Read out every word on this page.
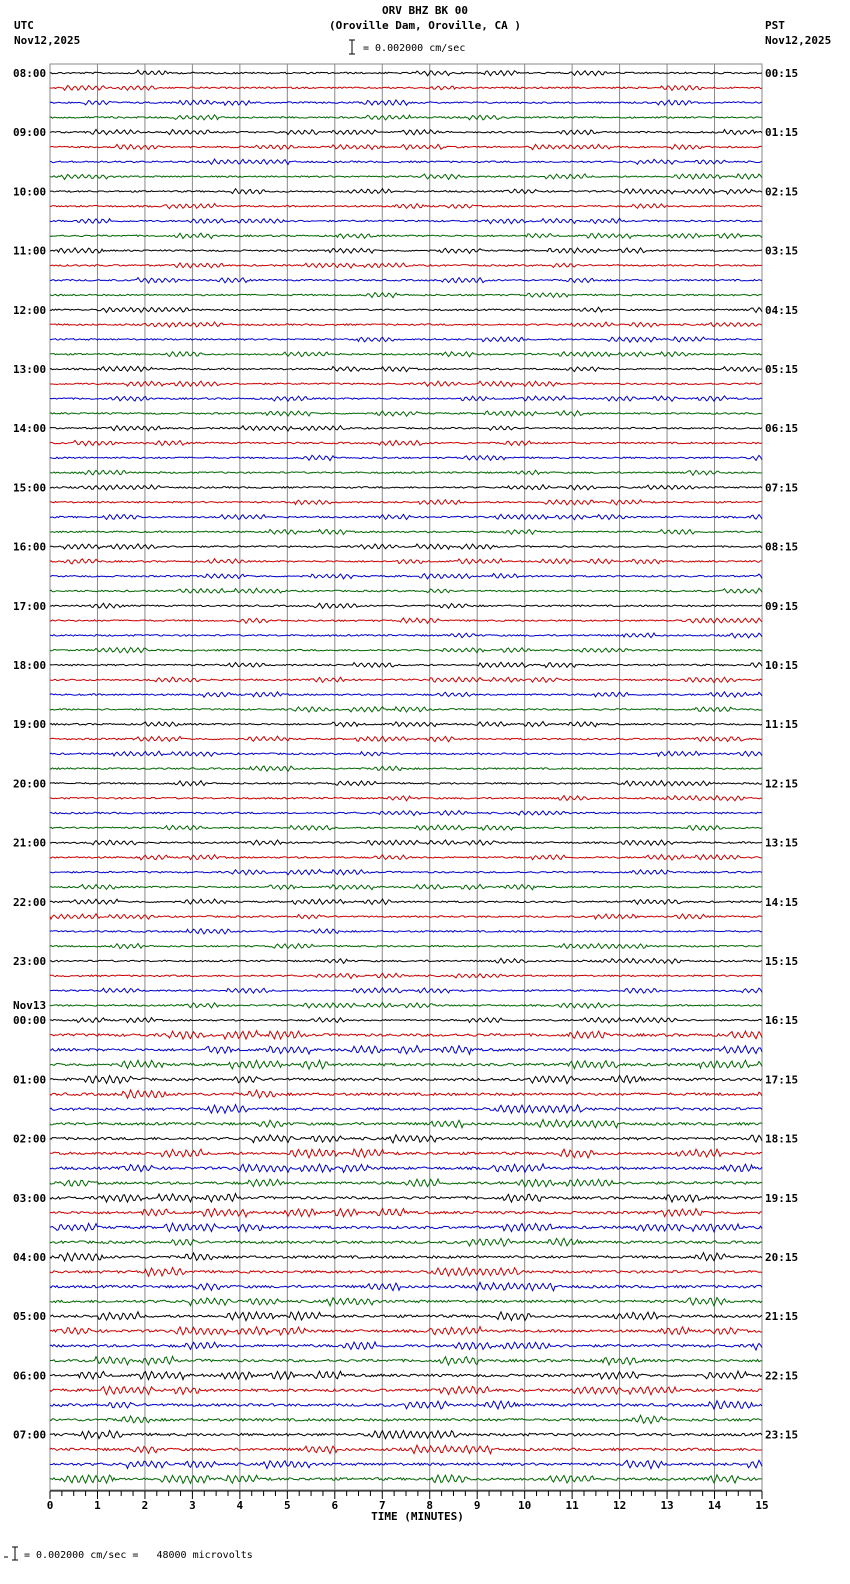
0	1	2	3	4	5	6	7	8	9	10	11	12	13	14	15
08:00
09:00
10:00
11:00
12:00
13:00
14:00
15:00
16:00
17:00
18:00
19:00
20:00
21:00
22:00
23:00
00:00
Nov13
01:00
02:00
03:00
04:00
05:00
06:00
07:00
00:15
01:15
02:15
03:15
04:15
05:15
06:15
07:15
08:15
09:15
10:15
11:15
12:15
13:15
14:15
15:15
16:15
17:15
18:15
19:15
20:15
21:15
22:15
23:15
ORV BHZ BK 00
(Oroville Dam, Oroville, CA )
= 0.002000 cm/sec
UTC
Nov12,2025
PST
Nov12,2025
TIME (MINUTES)
= 0.002000 cm/sec =   48000 microvolts
